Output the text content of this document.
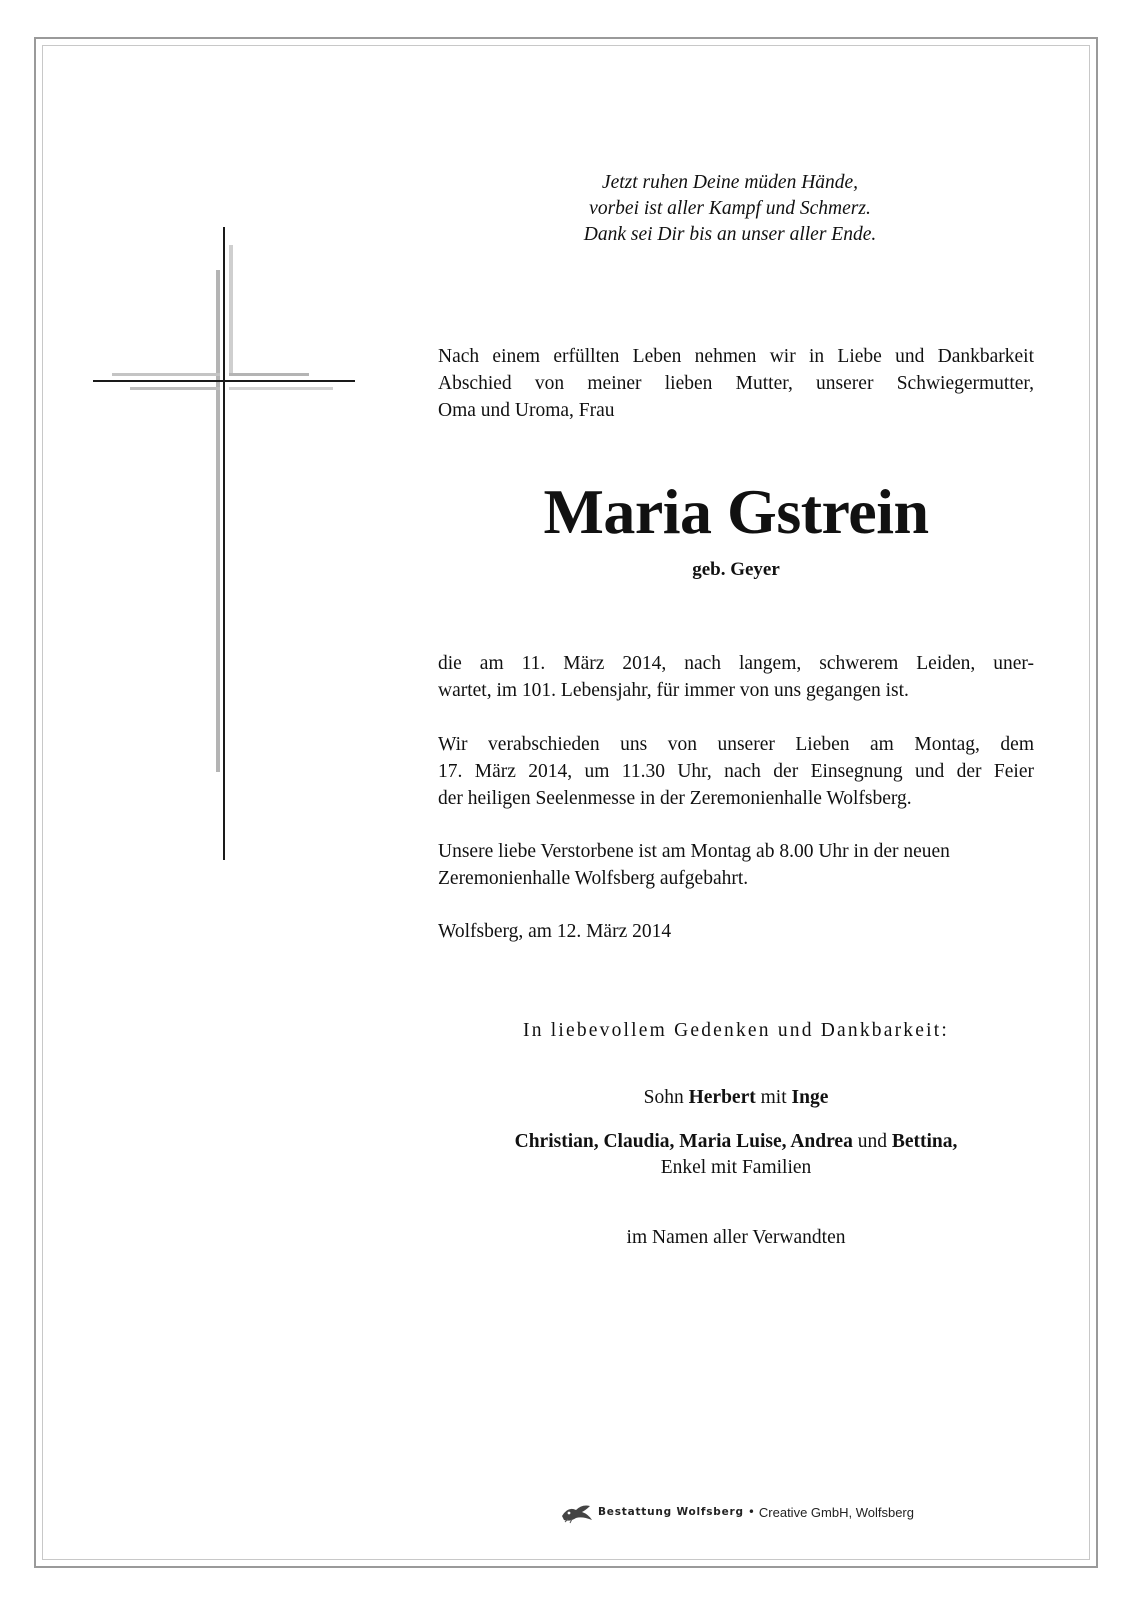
Jetzt ruhen Deine müden Hände,
vorbei ist aller Kampf und Schmerz.
Dank sei Dir bis an unser aller Ende.
Nach einem erfüllten Leben nehmen wir in Liebe und Dankbarkeit
Abschied von meiner lieben Mutter, unserer Schwiegermutter,
Oma und Uroma, Frau
Maria Gstrein
geb. Geyer
die am 11. März 2014, nach langem, schwerem Leiden, uner-
wartet, im 101. Lebensjahr, für immer von uns gegangen ist.
Wir verabschieden uns von unserer Lieben am Montag, dem
17. März 2014, um 11.30 Uhr, nach der Einsegnung und der Feier
der heiligen Seelenmesse in der Zeremonienhalle Wolfsberg.
Unsere liebe Verstorbene ist am Montag ab 8.00 Uhr in der neuen
Zeremonienhalle Wolfsberg aufgebahrt.
Wolfsberg, am 12. März 2014
In liebevollem Gedenken und Dankbarkeit:
Sohn Herbert mit Inge
Christian, Claudia, Maria Luise, Andrea und Bettina,
Enkel mit Familien
im Namen aller Verwandten
Bestattung Wolfsberg • Creative GmbH, Wolfsberg
